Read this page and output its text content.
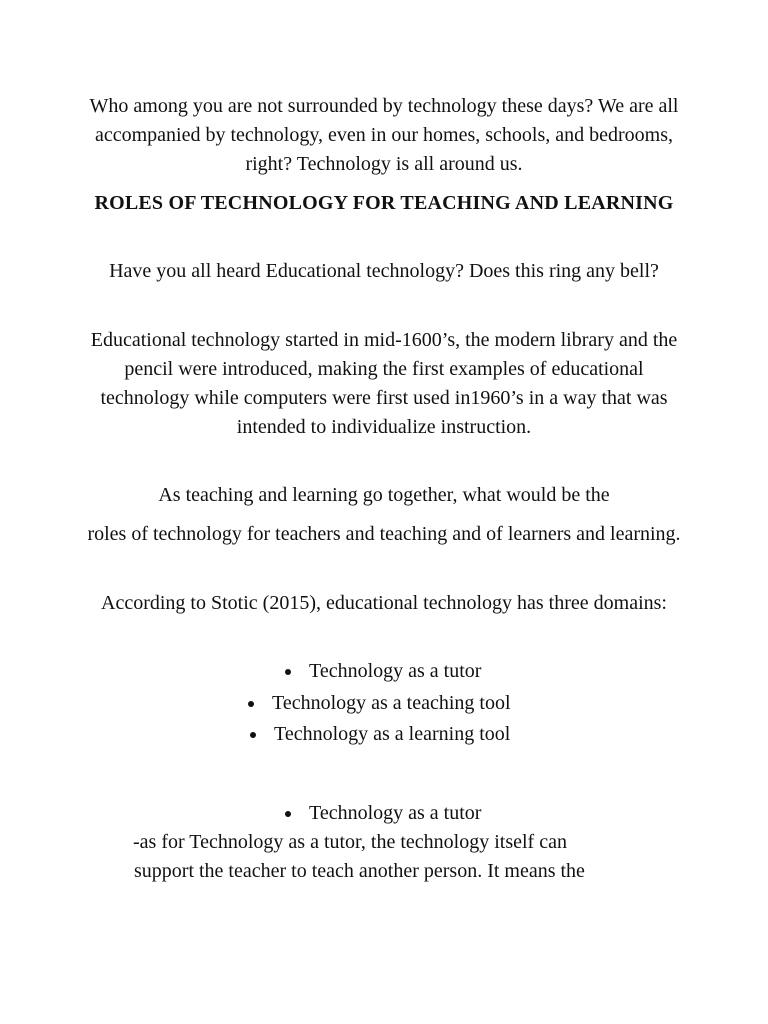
Who among you are not surrounded by technology these days? We are all accompanied by technology, even in our homes, schools, and bedrooms, right? Technology is all around us.

ROLES OF TECHNOLOGY FOR TEACHING AND LEARNING

Have you all heard Educational technology? Does this ring any bell?

Educational technology started in mid-1600’s, the modern library and the pencil were introduced, making the first examples of educational technology while computers were first used in1960’s in a way that was intended to individualize instruction.

As teaching and learning go together, what would be the

roles of technology for teachers and teaching and of learners and learning.

According to Stotic (2015), educational technology has three domains:

Technology as a tutor
Technology as a teaching tool
Technology as a learning tool
Technology as a tutor

-as for Technology as a tutor, the technology itself can

support the teacher to teach another person. It means the
